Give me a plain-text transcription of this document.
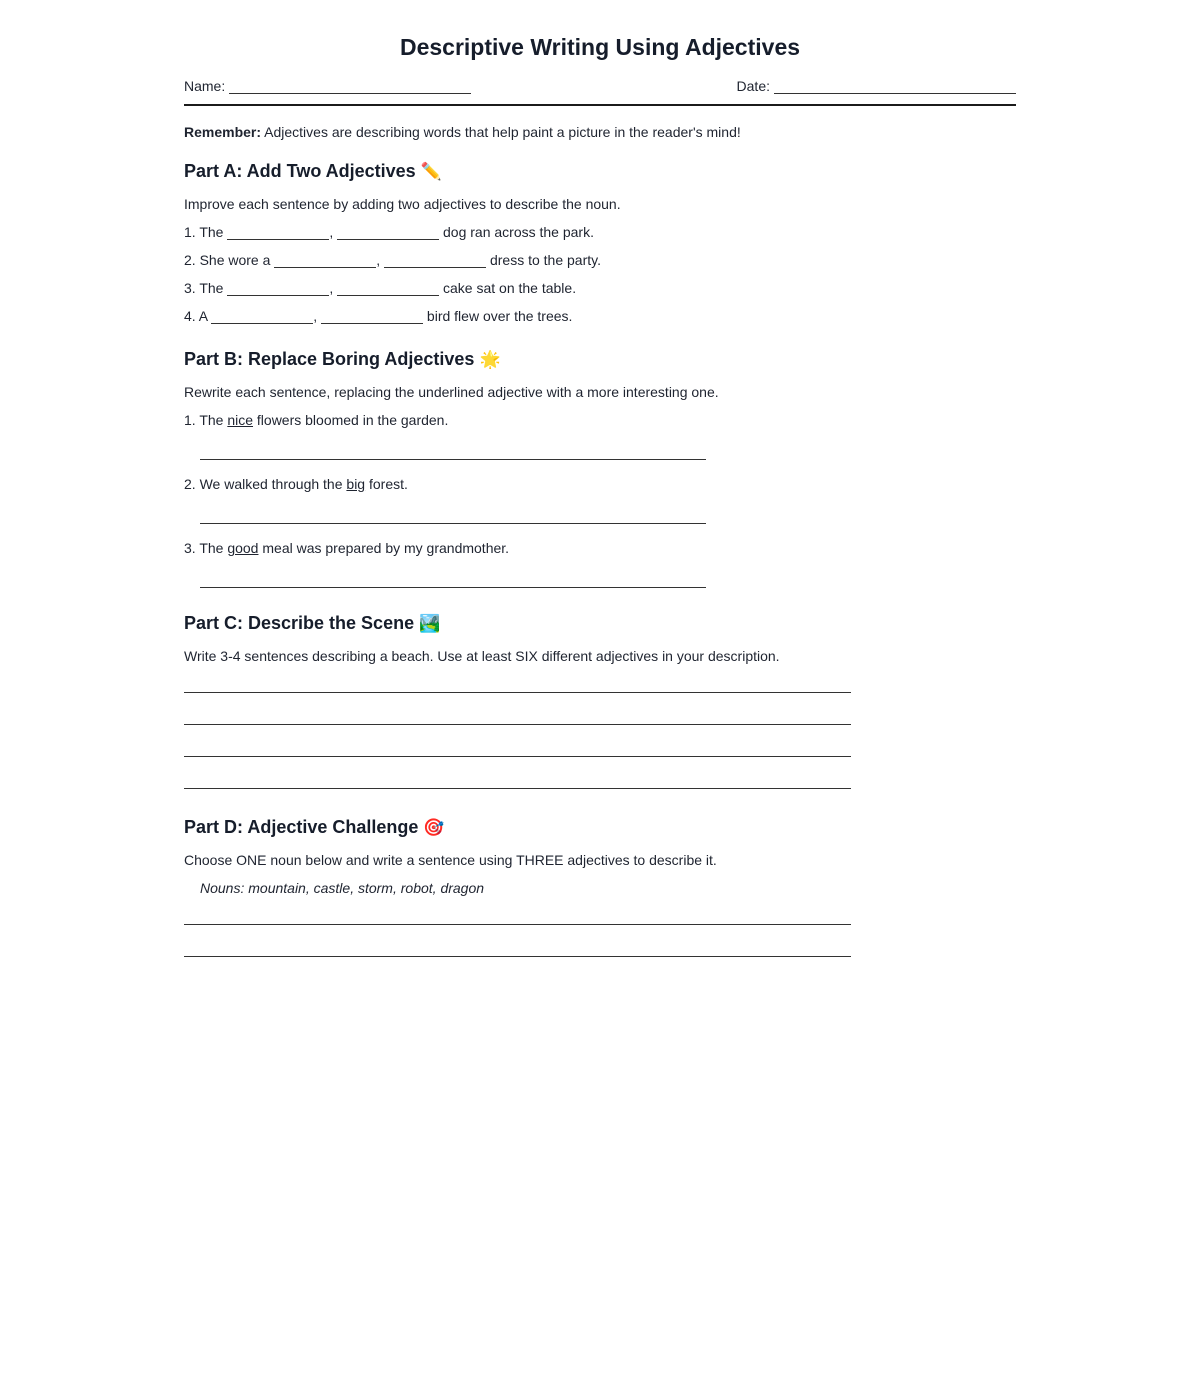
Descriptive Writing Using Adjectives
Name:	Date:
Remember: Adjectives are describing words that help paint a picture in the reader's mind!
Part A: Add Two Adjectives ✏️
Improve each sentence by adding two adjectives to describe the noun.
1. The	,	dog ran across the park.
2. She wore a	,	dress to the party.
3. The	,	cake sat on the table.
4. A	,	bird flew over the trees.
Part B: Replace Boring Adjectives 🌟
Rewrite each sentence, replacing the underlined adjective with a more interesting one.
1. The nice flowers bloomed in the garden.
2. We walked through the big forest.
3. The good meal was prepared by my grandmother.
Part C: Describe the Scene 🏞️
Write 3-4 sentences describing a beach. Use at least SIX different adjectives in your description.
Part D: Adjective Challenge 🎯
Choose ONE noun below and write a sentence using THREE adjectives to describe it.
Nouns: mountain, castle, storm, robot, dragon
